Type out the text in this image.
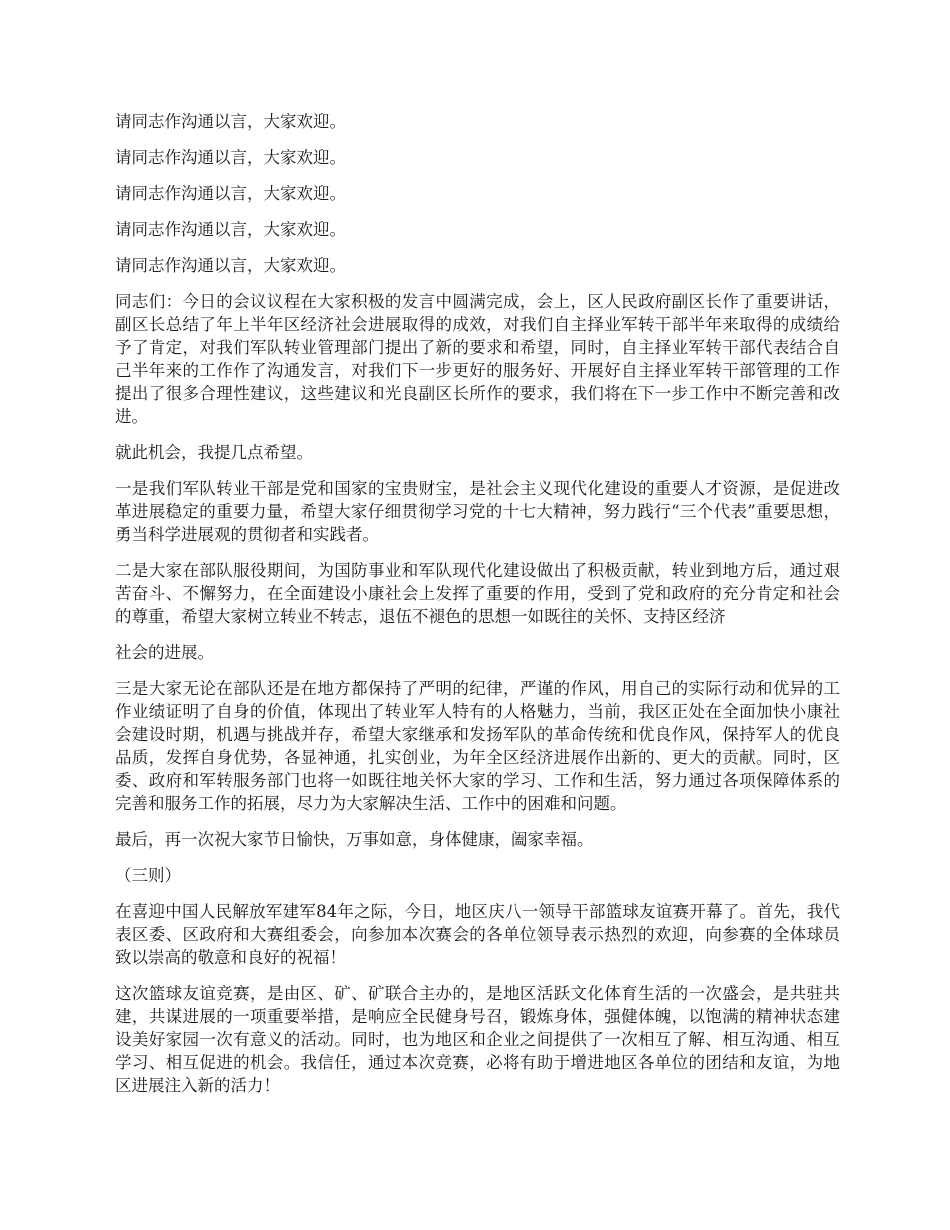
请同志作沟通以言，大家欢迎。

请同志作沟通以言，大家欢迎。

请同志作沟通以言，大家欢迎。

请同志作沟通以言，大家欢迎。

请同志作沟通以言，大家欢迎。

同志们：今日的会议议程在大家积极的发言中圆满完成，会上，区人民政府副区长作了重要讲话，副区长总结了年上半年区经济社会进展取得的成效，对我们自主择业军转干部半年来取得的成绩给予了肯定，对我们军队转业管理部门提出了新的要求和希望，同时，自主择业军转干部代表结合自己半年来的工作作了沟通发言，对我们下一步更好的服务好、开展好自主择业军转干部管理的工作提出了很多合理性建议，这些建议和光良副区长所作的要求，我们将在下一步工作中不断完善和改进。

就此机会，我提几点希望。

一是我们军队转业干部是党和国家的宝贵财宝，是社会主义现代化建设的重要人才资源，是促进改革进展稳定的重要力量，希望大家仔细贯彻学习党的十七大精神，努力践行“三个代表”重要思想，勇当科学进展观的贯彻者和实践者。

二是大家在部队服役期间，为国防事业和军队现代化建设做出了积极贡献，转业到地方后，通过艰苦奋斗、不懈努力，在全面建设小康社会上发挥了重要的作用，受到了党和政府的充分肯定和社会的尊重，希望大家树立转业不转志，退伍不褪色的思想一如既往的关怀、支持区经济

社会的进展。

三是大家无论在部队还是在地方都保持了严明的纪律，严谨的作风，用自己的实际行动和优异的工作业绩证明了自身的价值，体现出了转业军人特有的人格魅力，当前，我区正处在全面加快小康社会建设时期，机遇与挑战并存，希望大家继承和发扬军队的革命传统和优良作风，保持军人的优良品质，发挥自身优势，各显神通，扎实创业，为年全区经济进展作出新的、更大的贡献。同时，区委、政府和军转服务部门也将一如既往地关怀大家的学习、工作和生活，努力通过各项保障体系的完善和服务工作的拓展，尽力为大家解决生活、工作中的困难和问题。

最后，再一次祝大家节日愉快，万事如意，身体健康，阖家幸福。

（三则）

在喜迎中国人民解放军建军84年之际，今日，地区庆八一领导干部篮球友谊赛开幕了。首先，我代表区委、区政府和大赛组委会，向参加本次赛会的各单位领导表示热烈的欢迎，向参赛的全体球员致以崇高的敬意和良好的祝福！

这次篮球友谊竞赛，是由区、矿、矿联合主办的，是地区活跃文化体育生活的一次盛会，是共驻共建，共谋进展的一项重要举措，是响应全民健身号召，锻炼身体，强健体魄，以饱满的精神状态建设美好家园一次有意义的活动。同时，也为地区和企业之间提供了一次相互了解、相互沟通、相互学习、相互促进的机会。我信任，通过本次竞赛，必将有助于增进地区各单位的团结和友谊，为地区进展注入新的活力！
